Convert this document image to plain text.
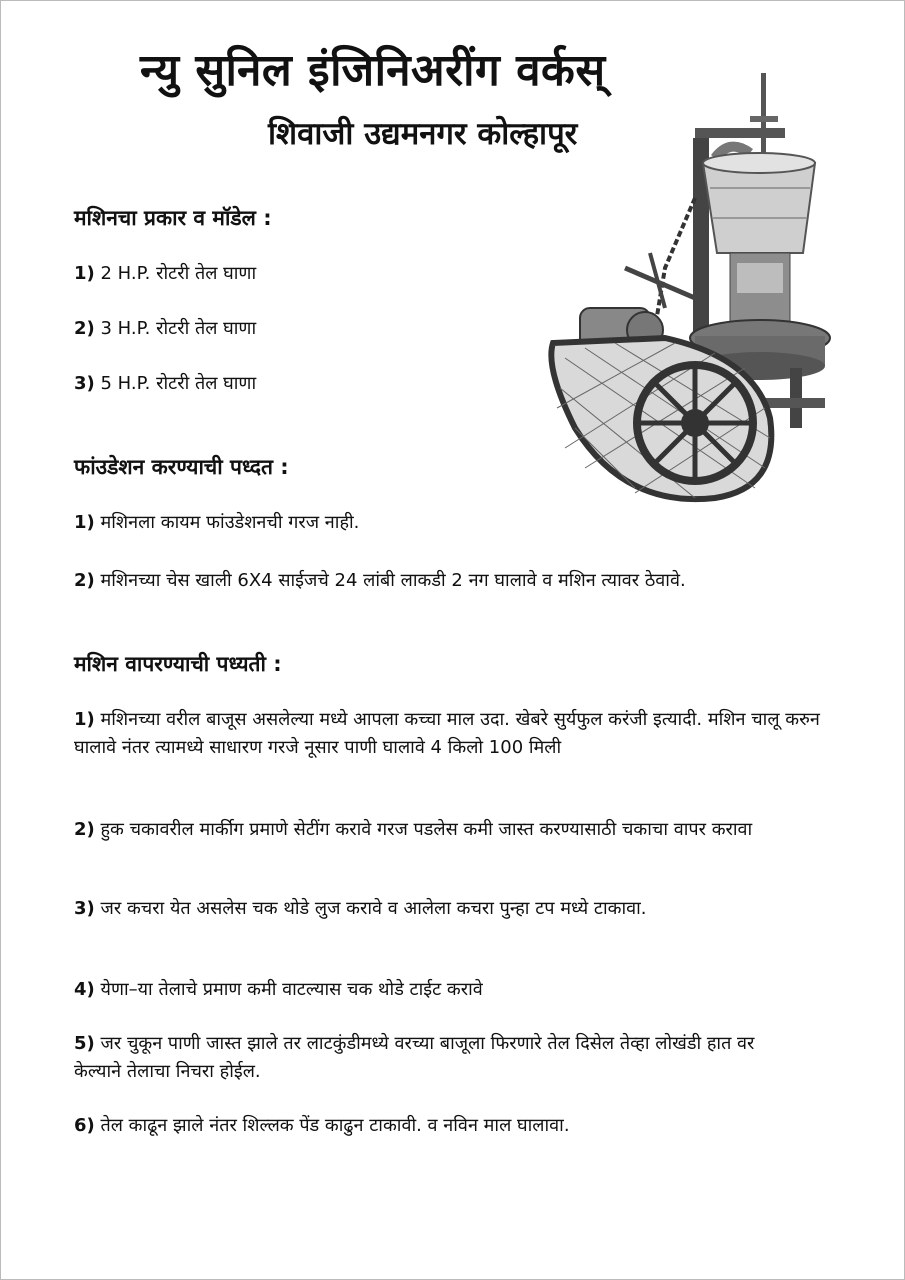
न्यु सुनिल इंजिनिअरींग वर्कस्
शिवाजी उद्यमनगर कोल्हापूर
मशिनचा प्रकार व मॉडेल :
1) 2 H.P. रोटरी तेल घाणा
2) 3 H.P. रोटरी तेल घाणा
3) 5 H.P. रोटरी तेल घाणा
फांउडेशन करण्याची पध्दत :
1) मशिनला कायम फांउडेशनची गरज नाही.
2) मशिनच्या चेस खाली 6X4 साईजचे 24 लांबी लाकडी 2 नग घालावे व मशिन त्यावर ठेवावे.
मशिन वापरण्याची पध्यती :
1) मशिनच्या वरील बाजूस असलेल्या मध्ये आपला कच्चा माल उदा. खेबरे सुर्यफुल करंजी इत्यादी. मशिन चालू करुन घालावे नंतर त्यामध्ये साधारण गरजे नूसार पाणी घालावे 4 किलो 100 मिली
2) हुक चकावरील मार्कीग प्रमाणे सेटींग करावे गरज पडलेस कमी जास्त करण्यासाठी चकाचा वापर करावा
3) जर कचरा येत असलेस चक थोडे लुज करावे व आलेला कचरा पुन्हा टप मध्ये टाकावा.
4) येणा–या तेलाचे प्रमाण कमी वाटल्यास चक थोडे टाईट करावे
5) जर चुकून पाणी जास्त झाले तर लाटकुंडीमध्ये वरच्या बाजूला फिरणारे तेल दिसेल तेव्हा लोखंडी हात वर केल्याने तेलाचा निचरा होईल.
6) तेल काढून झाले नंतर शिल्लक पेंड काढुन टाकावी. व नविन माल घालावा.
